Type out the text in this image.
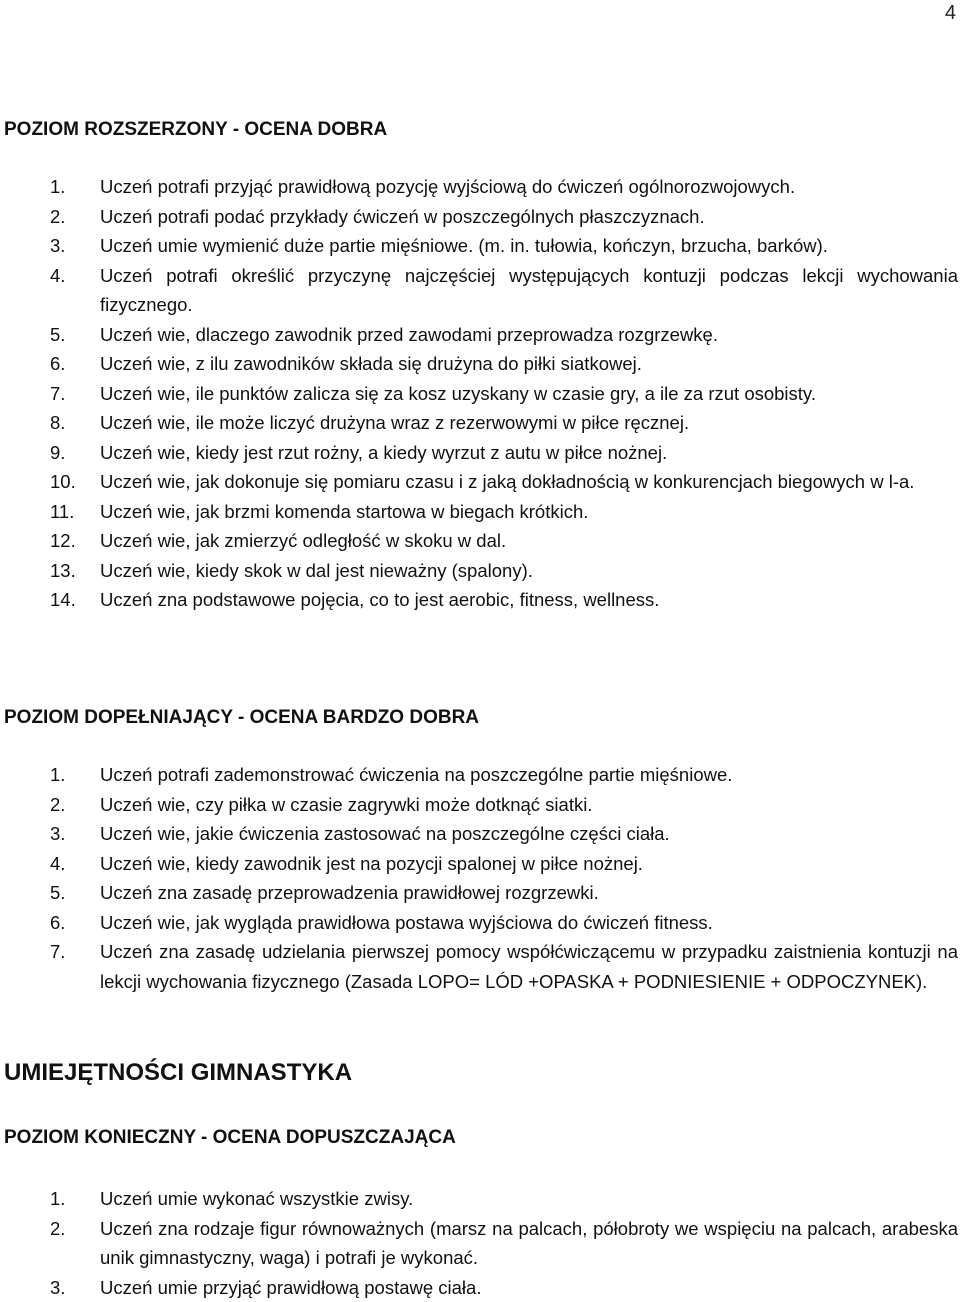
4
POZIOM ROZSZERZONY - OCENA DOBRA
1. Uczeń potrafi przyjąć prawidłową pozycję wyjściową do ćwiczeń ogólnorozwojowych.
2. Uczeń potrafi podać przykłady ćwiczeń w poszczególnych płaszczyznach.
3. Uczeń umie wymienić duże partie mięśniowe. (m. in. tułowia, kończyn, brzucha, barków).
4. Uczeń potrafi określić przyczynę najczęściej występujących kontuzji podczas lekcji wychowania fizycznego.
5. Uczeń wie, dlaczego zawodnik przed zawodami przeprowadza rozgrzewkę.
6. Uczeń wie, z ilu zawodników składa się drużyna do piłki siatkowej.
7. Uczeń wie, ile punktów zalicza się za kosz uzyskany w czasie gry, a ile za rzut osobisty.
8. Uczeń wie, ile może liczyć drużyna wraz z rezerwowymi w piłce ręcznej.
9. Uczeń wie, kiedy jest rzut rożny, a kiedy wyrzut z autu w piłce nożnej.
10. Uczeń wie, jak dokonuje się pomiaru czasu i z jaką dokładnością w konkurencjach biegowych w l-a.
11. Uczeń wie, jak brzmi komenda startowa w biegach krótkich.
12. Uczeń wie, jak zmierzyć odległość w skoku w dal.
13. Uczeń wie, kiedy skok w dal jest nieważny (spalony).
14. Uczeń zna podstawowe pojęcia, co to jest aerobic, fitness, wellness.
POZIOM DOPEŁNIAJĄCY - OCENA BARDZO DOBRA
1. Uczeń potrafi zademonstrować ćwiczenia na poszczególne partie mięśniowe.
2. Uczeń wie, czy piłka w czasie zagrywki może dotknąć siatki.
3. Uczeń wie, jakie ćwiczenia zastosować na poszczególne części ciała.
4. Uczeń wie, kiedy zawodnik jest na pozycji spalonej w piłce nożnej.
5. Uczeń zna zasadę przeprowadzenia prawidłowej rozgrzewki.
6. Uczeń wie, jak wygląda prawidłowa postawa wyjściowa do ćwiczeń fitness.
7. Uczeń zna zasadę udzielania pierwszej pomocy współćwiczącemu w przypadku zaistnienia kontuzji na lekcji wychowania fizycznego (Zasada LOPO= LÓD +OPASKA + PODNIESIENIE + ODPOCZYNEK).
UMIEJĘTNOŚCI GIMNASTYKA
POZIOM KONIECZNY - OCENA DOPUSZCZAJĄCA
1. Uczeń umie wykonać wszystkie zwisy.
2. Uczeń zna rodzaje figur równoważnych (marsz na palcach, półobroty we wspięciu na palcach, arabeska unik gimnastyczny, waga) i potrafi je wykonać.
3. Uczeń umie przyjąć prawidłową postawę ciała.
